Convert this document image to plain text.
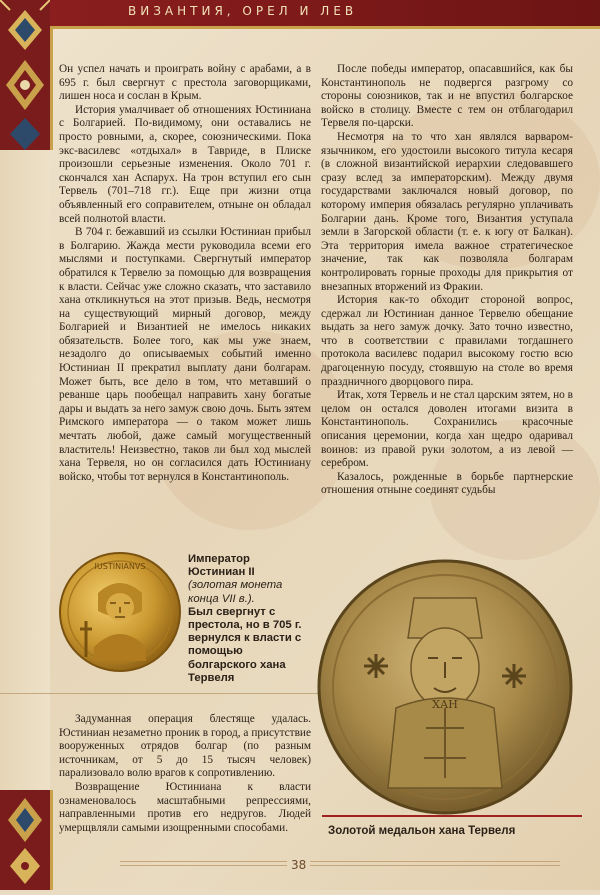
ВИЗАНТИЯ, ОРЕЛ И ЛЕВ

Он успел начать и проиграть войну с арабами, а в 695 г. был свергнут с престола заговорщиками, лишен носа и сослан в Крым.

История умалчивает об отношениях Юстиниана с Болгарией. По-видимому, они оставались не просто ровными, а, скорее, союзническими. Пока экс-василевс «отдыхал» в Тавриде, в Плиске произошли серьезные изменения. Около 701 г. скончался хан Аспарух. На трон вступил его сын Тервель (701–718 гг.). Еще при жизни отца объявленный его соправителем, отныне он обладал всей полнотой власти.

В 704 г. бежавший из ссылки Юстиниан прибыл в Болгарию. Жажда мести руководила всеми его мыслями и поступками. Свергнутый император обратился к Тервелю за помощью для возвращения к власти. Сейчас уже сложно сказать, что заставило хана откликнуться на этот призыв. Ведь, несмотря на существующий мирный договор, между Болгарией и Византией не имелось никаких обязательств. Более того, как мы уже знаем, незадолго до описываемых событий именно Юстиниан II прекратил выплату дани болгарам. Может быть, все дело в том, что метавший о реванше царь пообещал направить хану богатые дары и выдать за него замуж свою дочь. Быть зятем Римского императора — о таком может лишь мечтать любой, даже самый могущественный властитель! Неизвестно, таков ли был ход мыслей хана Тервеля, но он согласился дать Юстиниану войско, чтобы тот вернулся в Константинополь.

После победы император, опасавшийся, как бы Константинополь не подвергся разгрому со стороны союзников, так и не впустил болгарское войско в столицу. Вместе с тем он отблагодарил Тервеля по-царски.

Несмотря на то что хан являлся варваром-язычником, его удостоили высокого титула кесаря (в сложной византийской иерархии следовавшего сразу вслед за императорским). Между двумя государствами заключался новый договор, по которому империя обязалась регулярно уплачивать Болгарии дань. Кроме того, Византия уступала земли в Загорской области (т. е. к югу от Балкан). Эта территория имела важное стратегическое значение, так как позволяла болгарам контролировать горные проходы для прикрытия от внезапных вторжений из Фракии.

История как-то обходит стороной вопрос, сдержал ли Юстиниан данное Тервелю обещание выдать за него замуж дочку. Зато точно известно, что в соответствии с правилами тогдашнего протокола василевс подарил высокому гостю всю драгоценную посуду, стоявшую на столе во время праздничного дворцового пира.

Итак, хотя Тервель и не стал царским зятем, но в целом он остался доволен итогами визита в Константинополь. Сохранились красочные описания церемонии, когда хан щедро одаривал воинов: из правой руки золотом, а из левой — серебром.

Казалось, рожденные в борьбе партнерские отношения отныне соединят судьбы

IUSTINIANVS
Император Юстиниан II
(золотая монета конца VII в.).
Был свергнут с престола, но в 705 г. вернулся к власти с помощью болгарского хана Тервеля

Задуманная операция блестяще удалась. Юстиниан незаметно проник в город, а присутствие вооруженных отрядов болгар (по разным источникам, от 5 до 15 тысяч человек) парализовало волю врагов к сопротивлению.

Возвращение Юстиниана к власти ознаменовалось масштабными репрессиями, направленными против его недругов. Людей умерщвляли самыми изощренными способами.

ХАН
Золотой медальон хана Тервеля
38
